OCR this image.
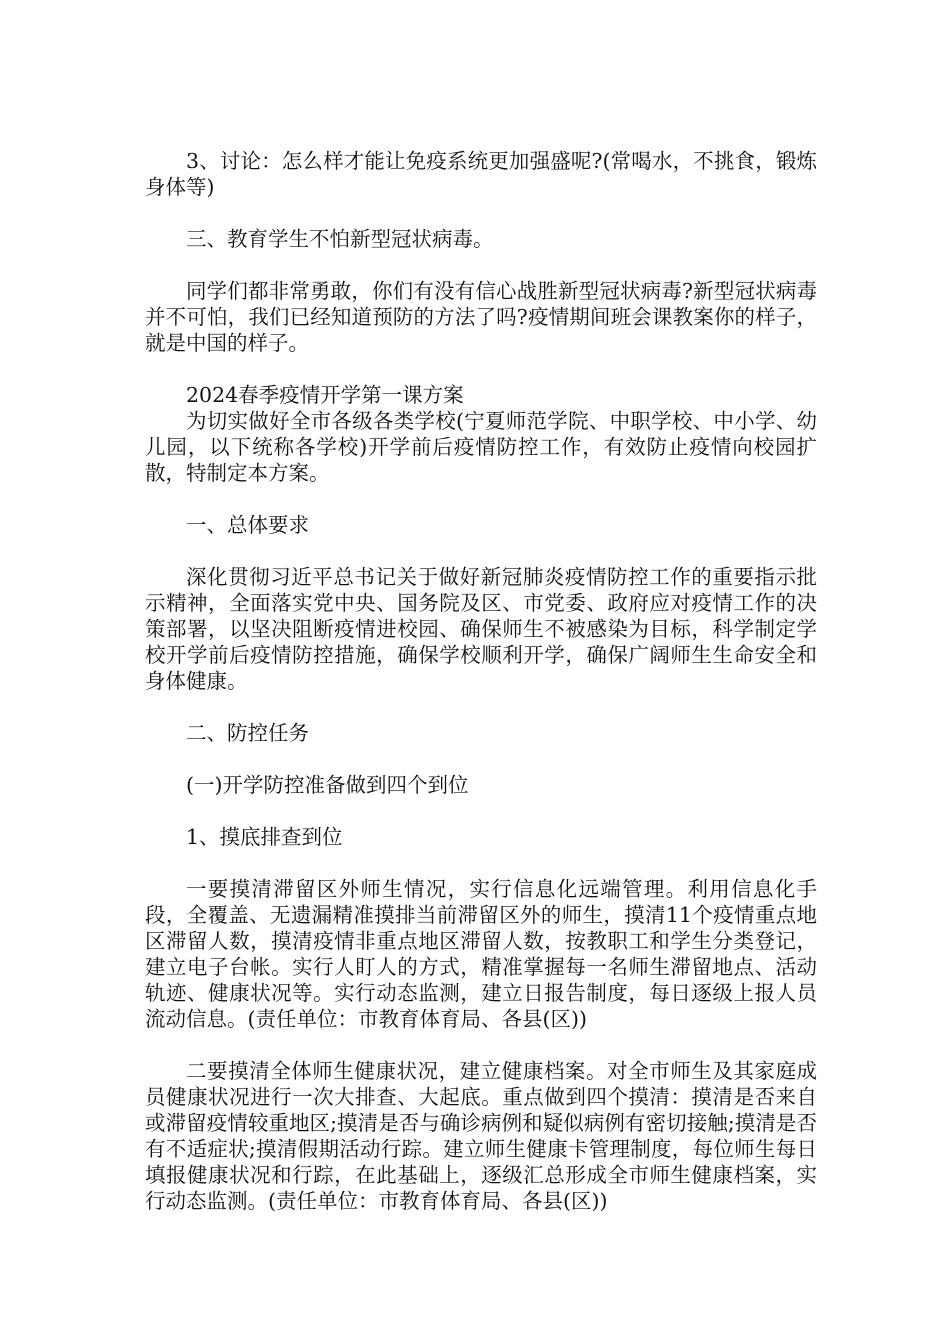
3、讨论：怎么样才能让免疫系统更加强盛呢?(常喝水，不挑食，锻炼身体等)

三、教育学生不怕新型冠状病毒。

同学们都非常勇敢，你们有没有信心战胜新型冠状病毒?新型冠状病毒并不可怕，我们已经知道预防的方法了吗?疫情期间班会课教案你的样子，就是中国的样子。

2024春季疫情开学第一课方案

为切实做好全市各级各类学校(宁夏师范学院、中职学校、中小学、幼儿园，以下统称各学校)开学前后疫情防控工作，有效防止疫情向校园扩散，特制定本方案。

一、总体要求

深化贯彻习近平总书记关于做好新冠肺炎疫情防控工作的重要指示批示精神，全面落实党中央、国务院及区、市党委、政府应对疫情工作的决策部署，以坚决阻断疫情进校园、确保师生不被感染为目标，科学制定学校开学前后疫情防控措施，确保学校顺利开学，确保广阔师生生命安全和身体健康。

二、防控任务

(一)开学防控准备做到四个到位

1、摸底排查到位

一要摸清滞留区外师生情况，实行信息化远端管理。利用信息化手段，全覆盖、无遗漏精准摸排当前滞留区外的师生，摸清11个疫情重点地区滞留人数，摸清疫情非重点地区滞留人数，按教职工和学生分类登记，建立电子台帐。实行人盯人的方式，精准掌握每一名师生滞留地点、活动轨迹、健康状况等。实行动态监测，建立日报告制度，每日逐级上报人员流动信息。(责任单位：市教育体育局、各县(区))

二要摸清全体师生健康状况，建立健康档案。对全市师生及其家庭成员健康状况进行一次大排查、大起底。重点做到四个摸清：摸清是否来自或滞留疫情较重地区;摸清是否与确诊病例和疑似病例有密切接触;摸清是否有不适症状;摸清假期活动行踪。建立师生健康卡管理制度，每位师生每日填报健康状况和行踪，在此基础上，逐级汇总形成全市师生健康档案，实行动态监测。(责任单位：市教育体育局、各县(区))
